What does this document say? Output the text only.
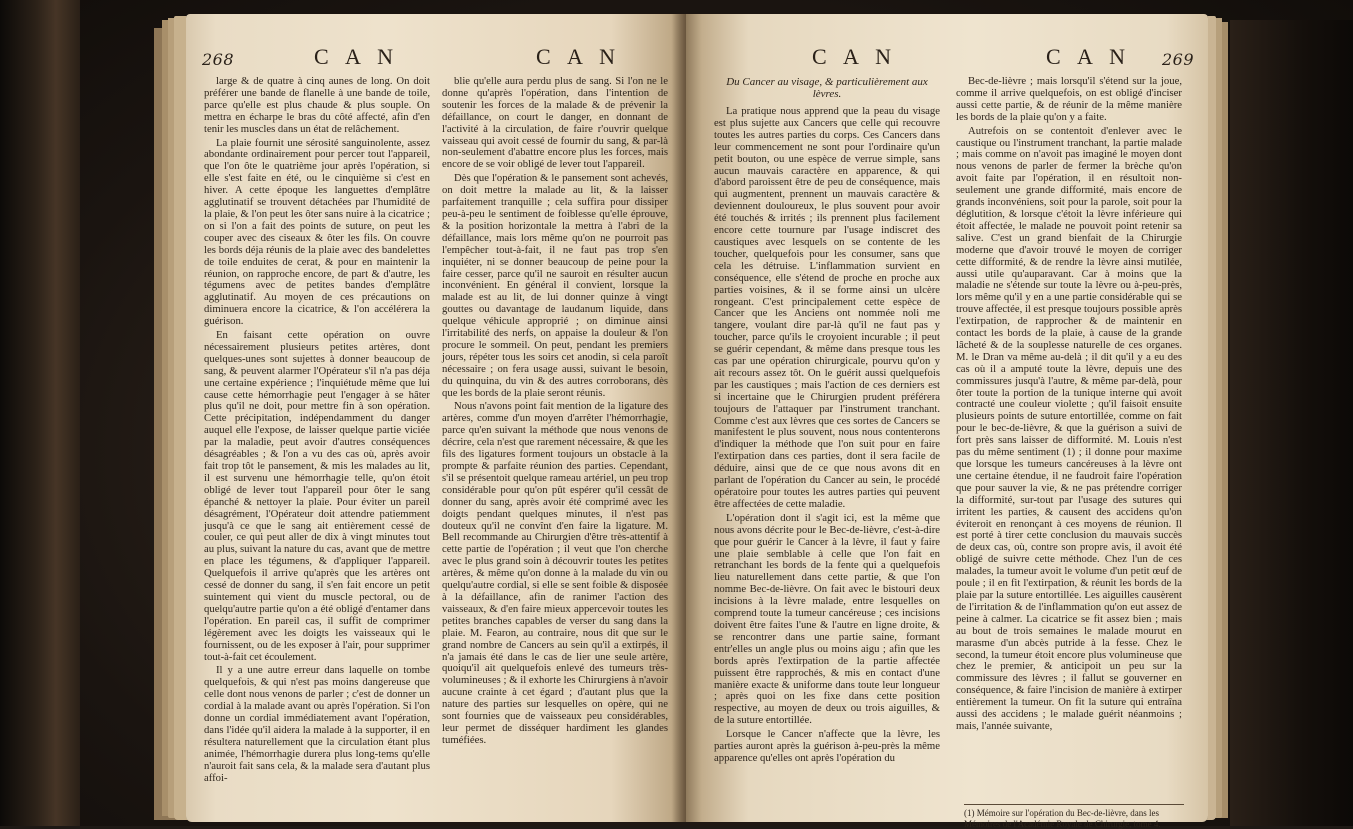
268	C A N	C A N

large & de quatre à cinq aunes de long. On doit préférer une bande de flanelle à une bande de toile, parce qu'elle est plus chaude & plus souple. On mettra en écharpe le bras du côté affecté, afin d'en tenir les muscles dans un état de relâchement.

La plaie fournit une sérosité sanguinolente, assez abondante ordinairement pour percer tout l'appareil, que l'on ôte le quatrième jour après l'opération, si elle s'est faite en été, ou le cinquième si c'est en hiver. A cette époque les languettes d'emplâtre agglutinatif se trouvent détachées par l'humidité de la plaie, & l'on peut les ôter sans nuire à la cicatrice ; on si l'on a fait des points de suture, on peut les couper avec des ciseaux & ôter les fils. On couvre les bords déja réunis de la plaie avec des bandelettes de toile enduites de cerat, & pour en maintenir la réunion, on rapproche encore, de part & d'autre, les tégumens avec de petites bandes d'emplâtre agglutinatif. Au moyen de ces précautions on diminuera encore la cicatrice, & l'on accélérera la guérison.

En faisant cette opération on ouvre nécessairement plusieurs petites artères, dont quelques-unes sont sujettes à donner beaucoup de sang, & peuvent alarmer l'Opérateur s'il n'a pas déja une certaine expérience ; l'inquiétude même que lui cause cette hémorrhagie peut l'engager à se hâter plus qu'il ne doit, pour mettre fin à son opération. Cette précipitation, indépendamment du danger auquel elle l'expose, de laisser quelque partie viciée par la maladie, peut avoir d'autres conséquences désagréables ; & l'on a vu des cas où, après avoir fait trop tôt le pansement, & mis les malades au lit, il est survenu une hémorrhagie telle, qu'on étoit obligé de lever tout l'appareil pour ôter le sang épanché & nettoyer la plaie. Pour éviter un pareil désagrément, l'Opérateur doit attendre patiemment jusqu'à ce que le sang ait entièrement cessé de couler, ce qui peut aller de dix à vingt minutes tout au plus, suivant la nature du cas, avant que de mettre en place les tégumens, & d'appliquer l'appareil. Quelquefois il arrive qu'après que les artères ont cessé de donner du sang, il s'en fait encore un petit suintement qui vient du muscle pectoral, ou de quelqu'autre partie qu'on a été obligé d'entamer dans l'opération. En pareil cas, il suffit de comprimer légèrement avec les doigts les vaisseaux qui le fournissent, ou de les exposer à l'air, pour supprimer tout-à-fait cet écoulement.

Il y a une autre erreur dans laquelle on tombe quelquefois, & qui n'est pas moins dangereuse que celle dont nous venons de parler ; c'est de donner un cordial à la malade avant ou après l'opération. Si l'on donne un cordial immédiatement avant l'opération, dans l'idée qu'il aidera la malade à la supporter, il en résultera naturellement que la circulation étant plus animée, l'hémorrhagie durera plus long-tems qu'elle n'auroit fait sans cela, & la malade sera d'autant plus affoi-

blie qu'elle aura perdu plus de sang. Si l'on ne le donne qu'après l'opération, dans l'intention de soutenir les forces de la malade & de prévenir la défaillance, on court le danger, en donnant de l'activité à la circulation, de faire r'ouvrir quelque vaisseau qui avoit cessé de fournir du sang, & par-là non-seulement d'abattre encore plus les forces, mais encore de se voir obligé de lever tout l'appareil.

Dès que l'opération & le pansement sont achevés, on doit mettre la malade au lit, & la laisser parfaitement tranquille ; cela suffira pour dissiper peu-à-peu le sentiment de foiblesse qu'elle éprouve, & la position horizontale la mettra à l'abri de la défaillance, mais lors même qu'on ne pourroit pas l'empêcher tout-à-fait, il ne faut pas trop s'en inquiéter, ni se donner beaucoup de peine pour la faire cesser, parce qu'il ne sauroit en résulter aucun inconvénient. En général il convient, lorsque la malade est au lit, de lui donner quinze à vingt gouttes ou davantage de laudanum liquide, dans quelque véhicule approprié ; on diminue ainsi l'irritabilité des nerfs, on appaise la douleur & l'on procure le sommeil. On peut, pendant les premiers jours, répéter tous les soirs cet anodin, si cela paroît nécessaire ; on fera usage aussi, suivant le besoin, du quinquina, du vin & des autres corroborans, dès que les bords de la plaie seront réunis.

Nous n'avons point fait mention de la ligature des artères, comme d'un moyen d'arrêter l'hémorrhagie, parce qu'en suivant la méthode que nous venons de décrire, cela n'est que rarement nécessaire, & que les fils des ligatures forment toujours un obstacle à la prompte & parfaite réunion des parties. Cependant, s'il se présentoit quelque rameau artériel, un peu trop considérable pour qu'on pût espérer qu'il cessât de donner du sang, après avoir été comprimé avec les doigts pendant quelques minutes, il n'est pas douteux qu'il ne convînt d'en faire la ligature. M. Bell recommande au Chirurgien d'être très-attentif à cette partie de l'opération ; il veut que l'on cherche avec le plus grand soin à découvrir toutes les petites artères, & même qu'on donne à la malade du vin ou quelqu'autre cordial, si elle se sent foible & disposée à la défaillance, afin de ranimer l'action des vaisseaux, & d'en faire mieux appercevoir toutes les petites branches capables de verser du sang dans la plaie. M. Fearon, au contraire, nous dit que sur le grand nombre de Cancers au sein qu'il a extirpés, il n'a jamais été dans le cas de lier une seule artère, quoiqu'il ait quelquefois enlevé des tumeurs très-volumineuses ; & il exhorte les Chirurgiens à n'avoir aucune crainte à cet égard ; d'autant plus que la nature des parties sur lesquelles on opère, qui ne sont fournies que de vaisseaux peu considérables, leur permet de disséquer hardiment les glandes tuméfiées.

C A N	C A N 269
Du Cancer au visage, & particulièrement aux lèvres.

La pratique nous apprend que la peau du visage est plus sujette aux Cancers que celle qui recouvre toutes les autres parties du corps. Ces Cancers dans leur commencement ne sont pour l'ordinaire qu'un petit bouton, ou une espèce de verrue simple, sans aucun mauvais caractère en apparence, & qui d'abord paroissent être de peu de conséquence, mais qui augmentent, prennent un mauvais caractère & deviennent douloureux, le plus souvent pour avoir été touchés & irrités ; ils prennent plus facilement encore cette tournure par l'usage indiscret des caustiques avec lesquels on se contente de les toucher, quelquefois pour les consumer, sans que cela les détruise. L'inflammation survient en conséquence, elle s'étend de proche en proche aux parties voisines, & il se forme ainsi un ulcère rongeant. C'est principalement cette espèce de Cancer que les Anciens ont nommée noli me tangere, voulant dire par-là qu'il ne faut pas y toucher, parce qu'ils le croyoient incurable ; il peut se guérir cependant, & même dans presque tous les cas par une opération chirurgicale, pourvu qu'on y ait recours assez tôt. On le guérit aussi quelquefois par les caustiques ; mais l'action de ces derniers est si incertaine que le Chirurgien prudent préférera toujours de l'attaquer par l'instrument tranchant. Comme c'est aux lèvres que ces sortes de Cancers se manifestent le plus souvent, nous nous contenterons d'indiquer la méthode que l'on suit pour en faire l'extirpation dans ces parties, dont il sera facile de déduire, ainsi que de ce que nous avons dit en parlant de l'opération du Cancer au sein, le procédé opératoire pour toutes les autres parties qui peuvent être affectées de cette maladie.

L'opération dont il s'agit ici, est la même que nous avons décrite pour le Bec-de-lièvre, c'est-à-dire que pour guérir le Cancer à la lèvre, il faut y faire une plaie semblable à celle que l'on fait en retranchant les bords de la fente qui a quelquefois lieu naturellement dans cette partie, & que l'on nomme Bec-de-lièvre. On fait avec le bistouri deux incisions à la lèvre malade, entre lesquelles on comprend toute la tumeur cancéreuse ; ces incisions doivent être faites l'une & l'autre en ligne droite, & se rencontrer dans une partie saine, formant entr'elles un angle plus ou moins aigu ; afin que les bords après l'extirpation de la partie affectée puissent être rapprochés, & mis en contact d'une manière exacte & uniforme dans toute leur longueur ; après quoi on les fixe dans cette position respective, au moyen de deux ou trois aiguilles, & de la suture entortillée.

Lorsque le Cancer n'affecte que la lèvre, les parties auront après la guérison à-peu-près la même apparence qu'elles ont après l'opération du

Bec-de-lièvre ; mais lorsqu'il s'étend sur la joue, comme il arrive quelquefois, on est obligé d'inciser aussi cette partie, & de réunir de la même manière les bords de la plaie qu'on y a faite.

Autrefois on se contentoit d'enlever avec le caustique ou l'instrument tranchant, la partie malade ; mais comme on n'avoit pas imaginé le moyen dont nous venons de parler de fermer la brèche qu'on avoit faite par l'opération, il en résultoit non-seulement une grande difformité, mais encore de grands inconvéniens, soit pour la parole, soit pour la déglutition, & lorsque c'étoit la lèvre inférieure qui étoit affectée, le malade ne pouvoit point retenir sa salive. C'est un grand bienfait de la Chirurgie moderne que d'avoir trouvé le moyen de corriger cette difformité, & de rendre la lèvre ainsi mutilée, aussi utile qu'auparavant. Car à moins que la maladie ne s'étende sur toute la lèvre ou à-peu-près, lors même qu'il y en a une partie considérable qui se trouve affectée, il est presque toujours possible après l'extirpation, de rapprocher & de maintenir en contact les bords de la plaie, à cause de la grande lâcheté & de la souplesse naturelle de ces organes. M. le Dran va même au-delà ; il dit qu'il y a eu des cas où il a amputé toute la lèvre, depuis une des commissures jusqu'à l'autre, & même par-delà, pour ôter toute la portion de la tunique interne qui avoit contracté une couleur violette ; qu'il faisoit ensuite plusieurs points de suture entortillée, comme on fait pour le bec-de-lièvre, & que la guérison a suivi de fort près sans laisser de difformité. M. Louis n'est pas du même sentiment (1) ; il donne pour maxime que lorsque les tumeurs cancéreuses à la lèvre ont une certaine étendue, il ne faudroit faire l'opération que pour sauver la vie, & ne pas prétendre corriger la difformité, sur-tout par l'usage des sutures qui irritent les parties, & causent des accidens qu'on éviteroit en renonçant à ces moyens de réunion. Il est porté à tirer cette conclusion du mauvais succès de deux cas, où, contre son propre avis, il avoit été obligé de suivre cette méthode. Chez l'un de ces malades, la tumeur avoit le volume d'un petit œuf de poule ; il en fit l'extirpation, & réunit les bords de la plaie par la suture entortillée. Les aiguilles causèrent de l'irritation & de l'inflammation qu'on eut assez de peine à calmer. La cicatrice se fit assez bien ; mais au bout de trois semaines le malade mourut en marasme d'un abcès putride à la fesse. Chez le second, la tumeur étoit encore plus volumineuse que chez le premier, & anticipoit un peu sur la commissure des lèvres ; il fallut se gouverner en conséquence, & faire l'incision de manière à extirper entièrement la tumeur. On fit la suture qui entraîna aussi des accidens ; le malade guérit néanmoins ; mais, l'année suivante,

(1) Mémoire sur l'opération du Bec-de-lièvre, dans les Mémoires de l'Académie Royale de Chirurgie, tome 4.
